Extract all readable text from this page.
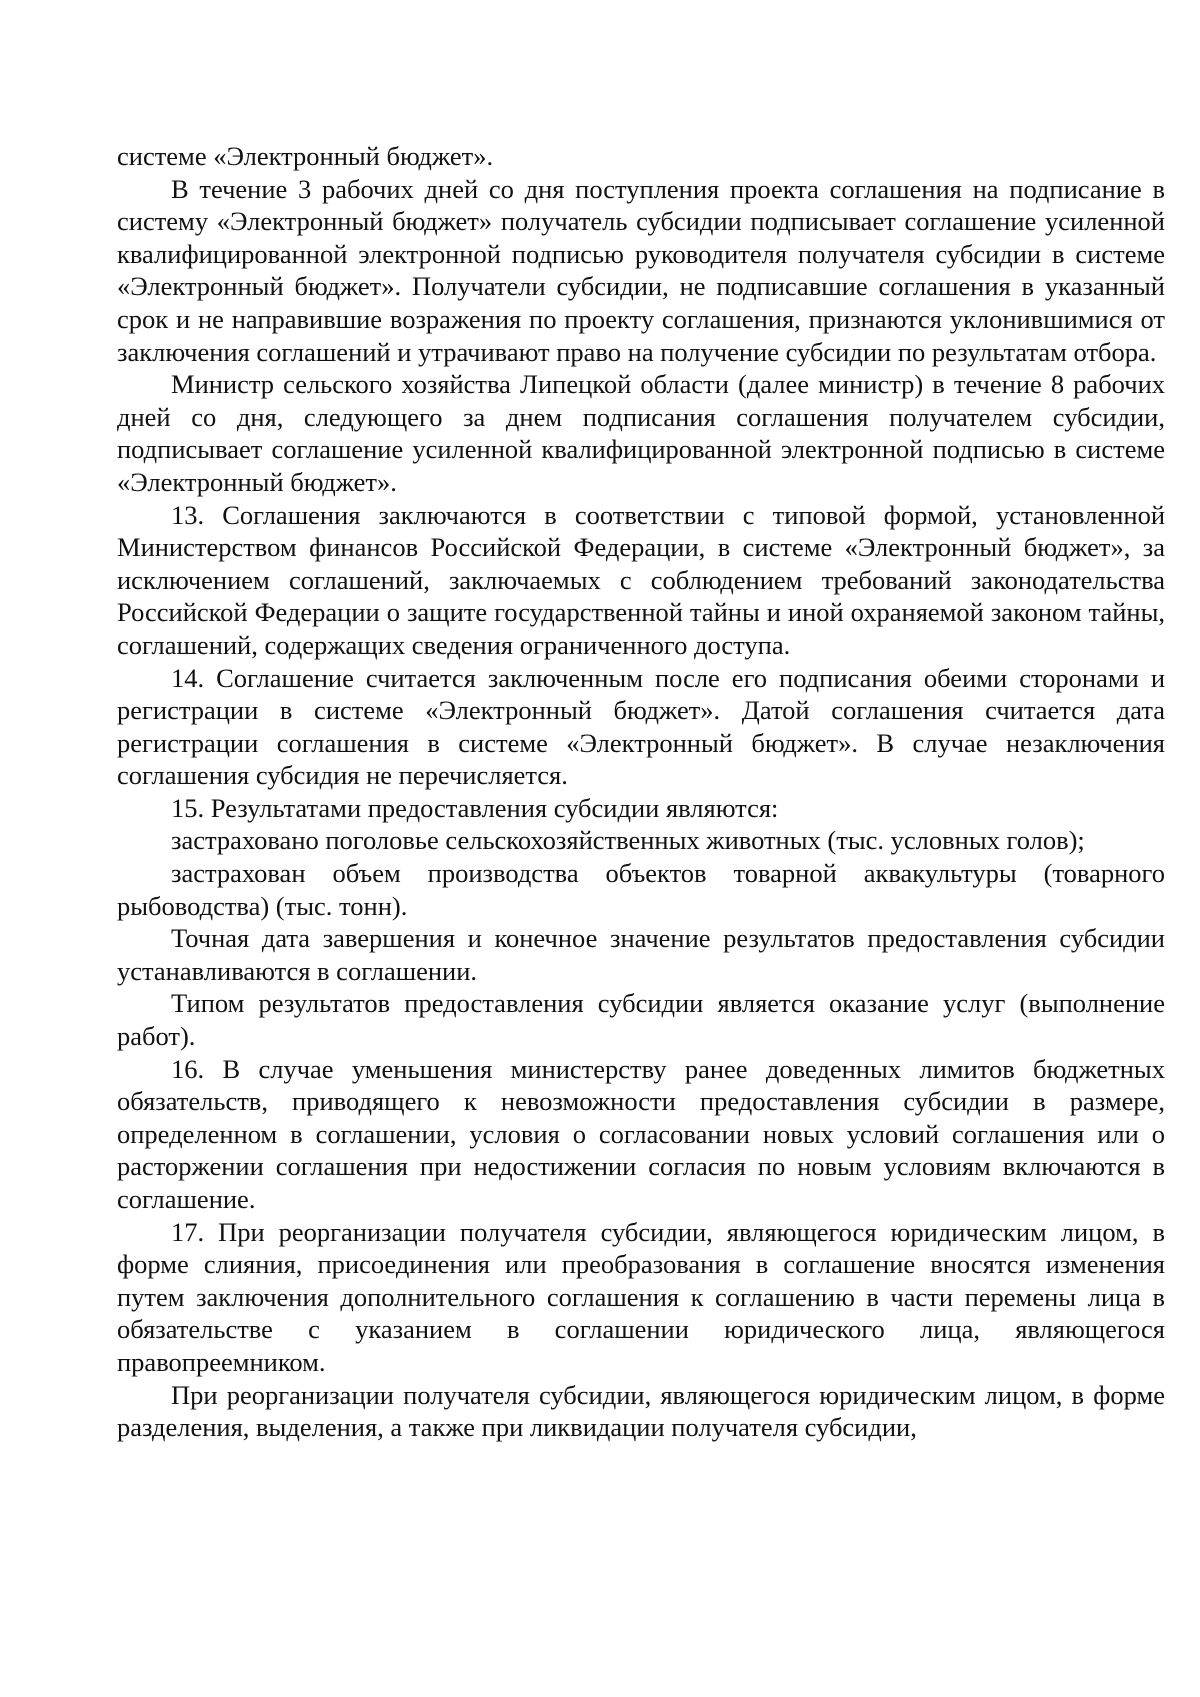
системе «Электронный бюджет».

В течение 3 рабочих дней со дня поступления проекта соглашения на подписание в систему «Электронный бюджет» получатель субсидии подписывает соглашение усиленной квалифицированной электронной подписью руководителя получателя субсидии в системе «Электронный бюджет». Получатели субсидии, не подписавшие соглашения в указанный срок и не направившие возражения по проекту соглашения, признаются уклонившимися от заключения соглашений и утрачивают право на получение субсидии по результатам отбора.

Министр сельского хозяйства Липецкой области (далее министр) в течение 8 рабочих дней со дня, следующего за днем подписания соглашения получателем субсидии, подписывает соглашение усиленной квалифицированной электронной подписью в системе «Электронный бюджет».

13. Соглашения заключаются в соответствии с типовой формой, установленной Министерством финансов Российской Федерации, в системе «Электронный бюджет», за исключением соглашений, заключаемых с соблюдением требований законодательства Российской Федерации о защите государственной тайны и иной охраняемой законом тайны, соглашений, содержащих сведения ограниченного доступа.

14. Соглашение считается заключенным после его подписания обеими сторонами и регистрации в системе «Электронный бюджет». Датой соглашения считается дата регистрации соглашения в системе «Электронный бюджет». В случае незаключения соглашения субсидия не перечисляется.

15. Результатами предоставления субсидии являются:

застраховано поголовье сельскохозяйственных животных (тыс. условных голов);

застрахован объем производства объектов товарной аквакультуры (товарного рыбоводства) (тыс. тонн).

Точная дата завершения и конечное значение результатов предоставления субсидии устанавливаются в соглашении.

Типом результатов предоставления субсидии является оказание услуг (выполнение работ).

16. В случае уменьшения министерству ранее доведенных лимитов бюджетных обязательств, приводящего к невозможности предоставления субсидии в размере, определенном в соглашении, условия о согласовании новых условий соглашения или о расторжении соглашения при недостижении согласия по новым условиям включаются в соглашение.

17. При реорганизации получателя субсидии, являющегося юридическим лицом, в форме слияния, присоединения или преобразования в соглашение вносятся изменения путем заключения дополнительного соглашения к соглашению в части перемены лица в обязательстве с указанием в соглашении юридического лица, являющегося правопреемником.

При реорганизации получателя субсидии, являющегося юридическим лицом, в форме разделения, выделения, а также при ликвидации получателя субсидии,
